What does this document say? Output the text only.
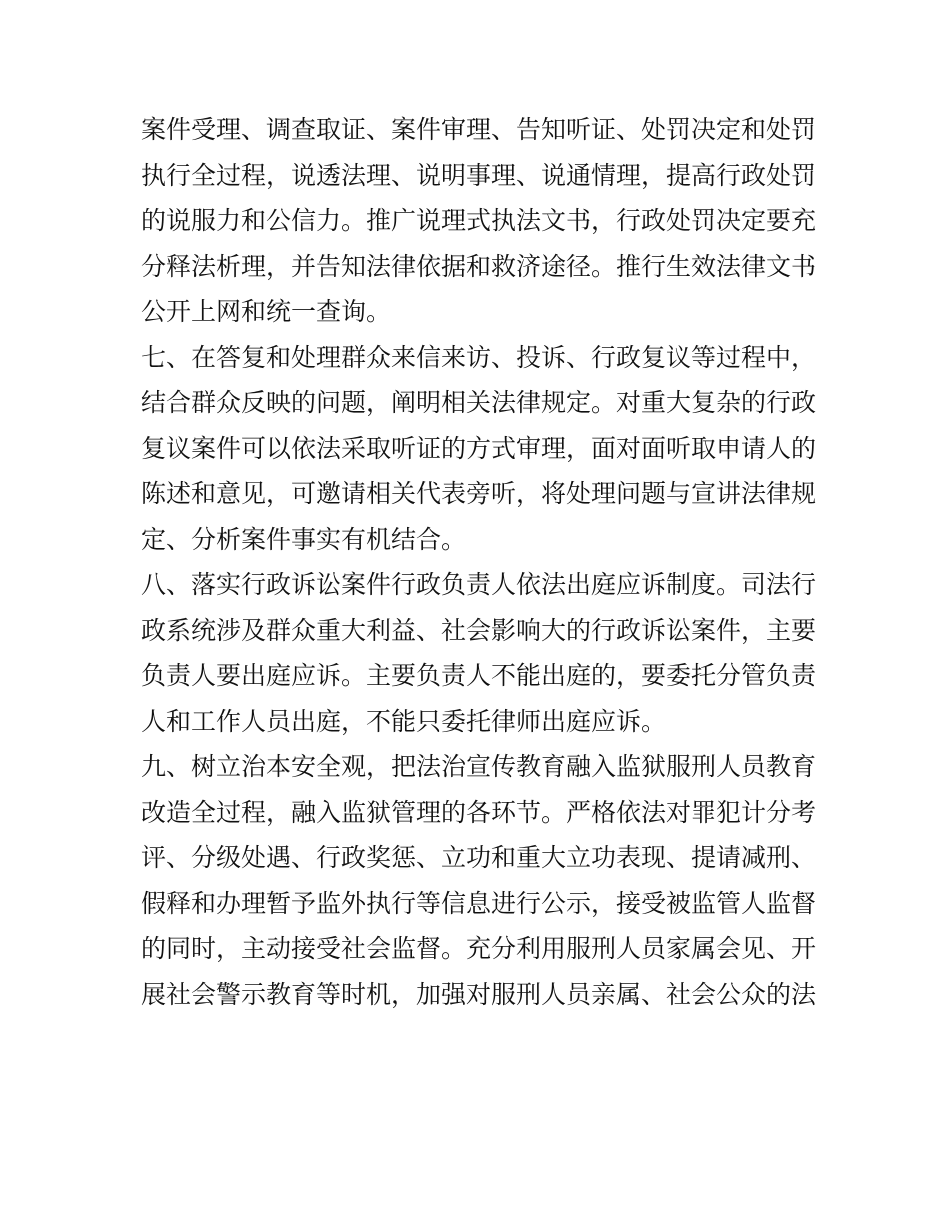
案件受理、调查取证、案件审理、告知听证、处罚决定和处罚
执行全过程，说透法理、说明事理、说通情理，提高行政处罚
的说服力和公信力。推广说理式执法文书，行政处罚决定要充
分释法析理，并告知法律依据和救济途径。推行生效法律文书
公开上网和统一查询。
七、在答复和处理群众来信来访、投诉、行政复议等过程中，
结合群众反映的问题，阐明相关法律规定。对重大复杂的行政
复议案件可以依法采取听证的方式审理，面对面听取申请人的
陈述和意见，可邀请相关代表旁听，将处理问题与宣讲法律规
定、分析案件事实有机结合。
八、落实行政诉讼案件行政负责人依法出庭应诉制度。司法行
政系统涉及群众重大利益、社会影响大的行政诉讼案件，主要
负责人要出庭应诉。主要负责人不能出庭的，要委托分管负责
人和工作人员出庭，不能只委托律师出庭应诉。
九、树立治本安全观，把法治宣传教育融入监狱服刑人员教育
改造全过程，融入监狱管理的各环节。严格依法对罪犯计分考
评、分级处遇、行政奖惩、立功和重大立功表现、提请减刑、
假释和办理暂予监外执行等信息进行公示，接受被监管人监督
的同时，主动接受社会监督。充分利用服刑人员家属会见、开
展社会警示教育等时机，加强对服刑人员亲属、社会公众的法
